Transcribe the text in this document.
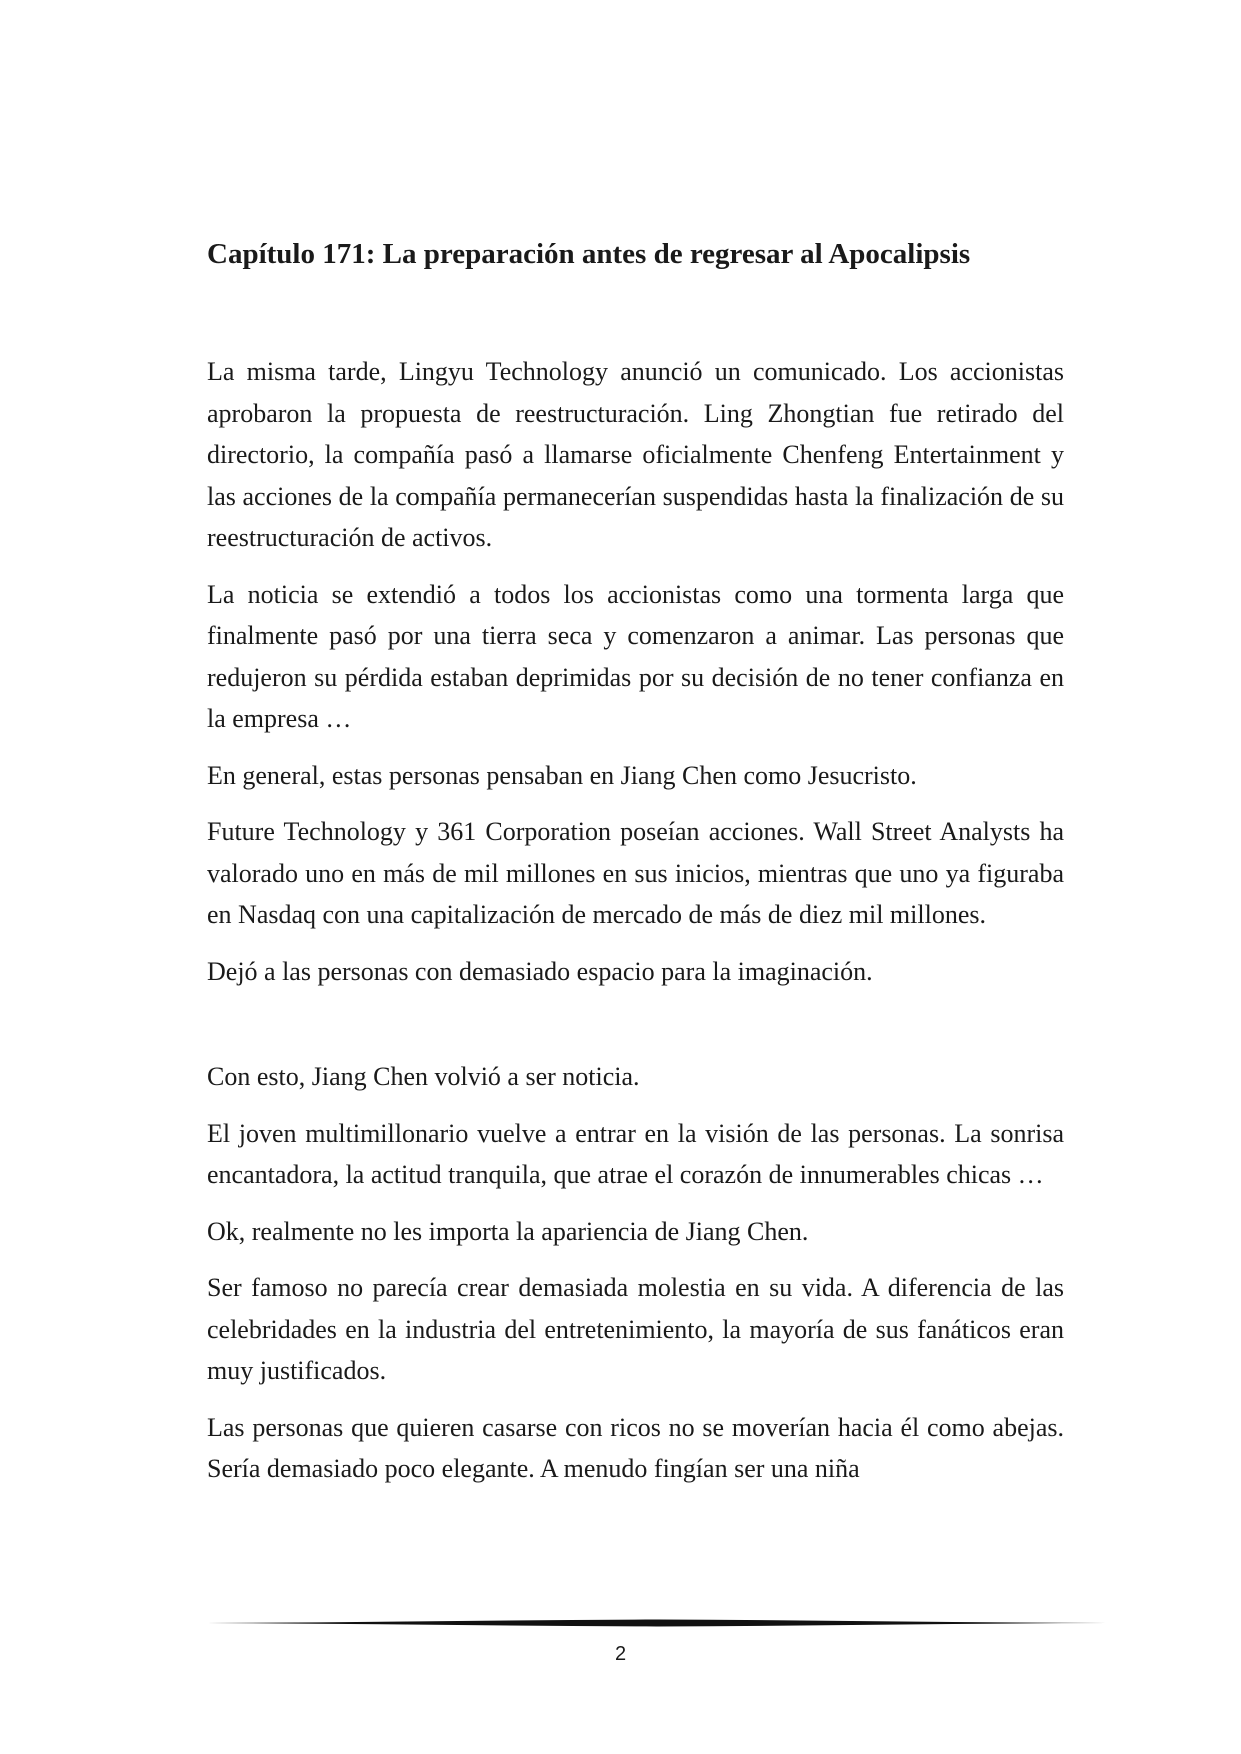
Capítulo 171: La preparación antes de regresar al Apocalipsis

La misma tarde, Lingyu Technology anunció un comunicado. Los accionistas aprobaron la propuesta de reestructuración. Ling Zhongtian fue retirado del directorio, la compañía pasó a llamarse oficialmente Chenfeng Entertainment y las acciones de la compañía permanecerían suspendidas hasta la finalización de su reestructuración de activos.

La noticia se extendió a todos los accionistas como una tormenta larga que finalmente pasó por una tierra seca y comenzaron a animar. Las personas que redujeron su pérdida estaban deprimidas por su decisión de no tener confianza en la empresa …

En general, estas personas pensaban en Jiang Chen como Jesucristo.

Future Technology y 361 Corporation poseían acciones. Wall Street Analysts ha valorado uno en más de mil millones en sus inicios, mientras que uno ya figuraba en Nasdaq con una capitalización de mercado de más de diez mil millones.

Dejó a las personas con demasiado espacio para la imaginación.

Con esto, Jiang Chen volvió a ser noticia.

El joven multimillonario vuelve a entrar en la visión de las personas. La sonrisa encantadora, la actitud tranquila, que atrae el corazón de innumerables chicas …

Ok, realmente no les importa la apariencia de Jiang Chen.

Ser famoso no parecía crear demasiada molestia en su vida. A diferencia de las celebridades en la industria del entretenimiento, la mayoría de sus fanáticos eran muy justificados.

Las personas que quieren casarse con ricos no se moverían hacia él como abejas. Sería demasiado poco elegante. A menudo fingían ser una niña

2
